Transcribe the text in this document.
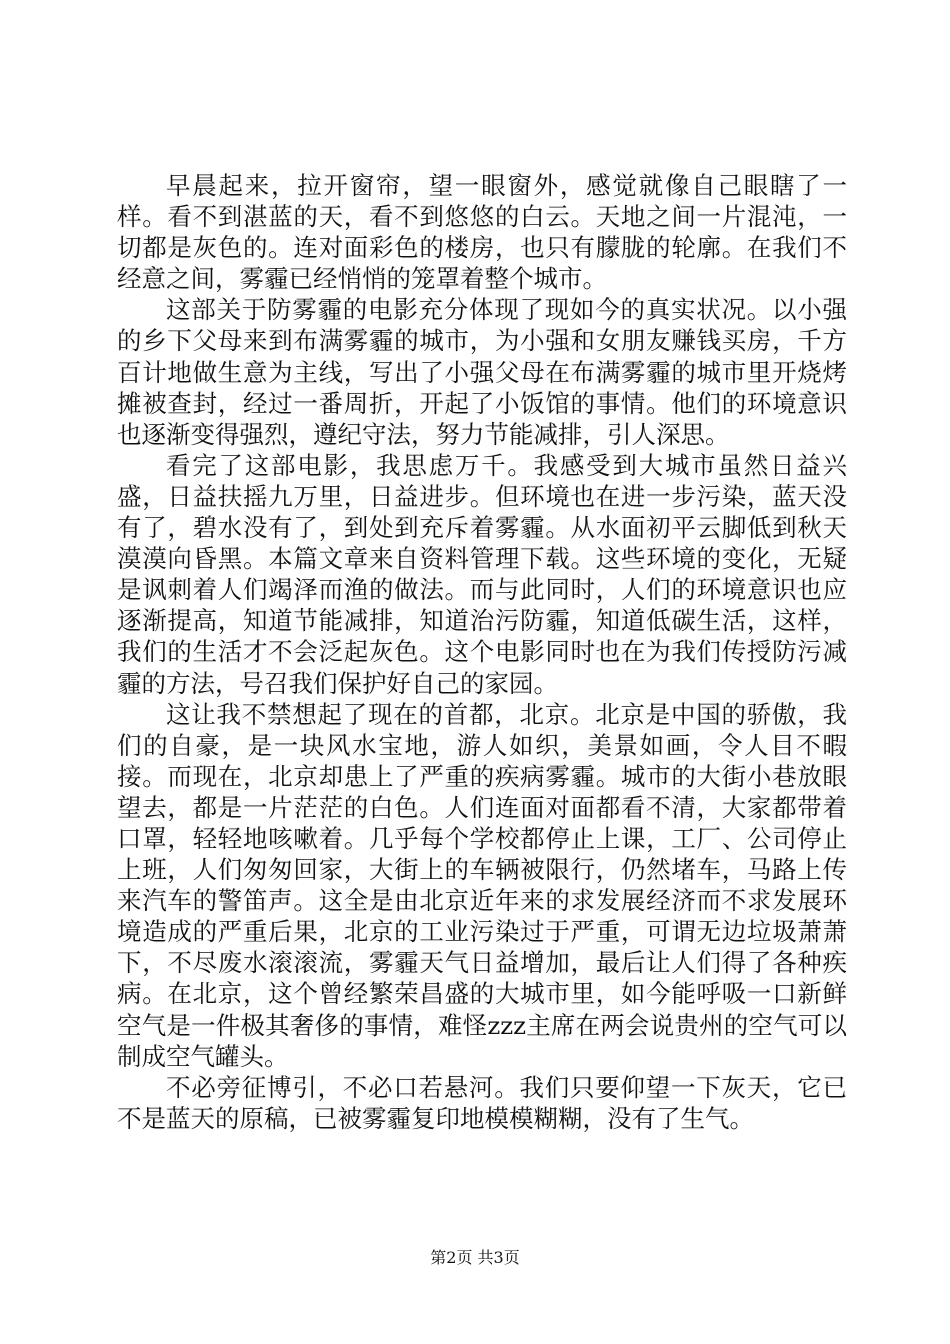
早晨起来，拉开窗帘，望一眼窗外，感觉就像自己眼瞎了一样。看不到湛蓝的天，看不到悠悠的白云。天地之间一片混沌，一切都是灰色的。连对面彩色的楼房，也只有朦胧的轮廓。在我们不经意之间，雾霾已经悄悄的笼罩着整个城市。

这部关于防雾霾的电影充分体现了现如今的真实状况。以小强的乡下父母来到布满雾霾的城市，为小强和女朋友赚钱买房，千方百计地做生意为主线，写出了小强父母在布满雾霾的城市里开烧烤摊被查封，经过一番周折，开起了小饭馆的事情。他们的环境意识也逐渐变得强烈，遵纪守法，努力节能减排，引人深思。

看完了这部电影，我思虑万千。我感受到大城市虽然日益兴盛，日益扶摇九万里，日益进步。但环境也在进一步污染，蓝天没有了，碧水没有了，到处到充斥着雾霾。从水面初平云脚低到秋天漠漠向昏黑。本篇文章来自资料管理下载。这些环境的变化，无疑是讽刺着人们竭泽而渔的做法。而与此同时，人们的环境意识也应逐渐提高，知道节能减排，知道治污防霾，知道低碳生活，这样，我们的生活才不会泛起灰色。这个电影同时也在为我们传授防污减霾的方法，号召我们保护好自己的家园。

这让我不禁想起了现在的首都，北京。北京是中国的骄傲，我们的自豪，是一块风水宝地，游人如织，美景如画，令人目不暇接。而现在，北京却患上了严重的疾病雾霾。城市的大街小巷放眼望去，都是一片茫茫的白色。人们连面对面都看不清，大家都带着口罩，轻轻地咳嗽着。几乎每个学校都停止上课，工厂、公司停止上班，人们匆匆回家，大街上的车辆被限行，仍然堵车，马路上传来汽车的警笛声。这全是由北京近年来的求发展经济而不求发展环境造成的严重后果，北京的工业污染过于严重，可谓无边垃圾萧萧下，不尽废水滚滚流，雾霾天气日益增加，最后让人们得了各种疾病。在北京，这个曾经繁荣昌盛的大城市里，如今能呼吸一口新鲜空气是一件极其奢侈的事情，难怪zzz主席在两会说贵州的空气可以制成空气罐头。

不必旁征博引，不必口若悬河。我们只要仰望一下灰天，它已不是蓝天的原稿，已被雾霾复印地模模糊糊，没有了生气。

第2页 共3页
